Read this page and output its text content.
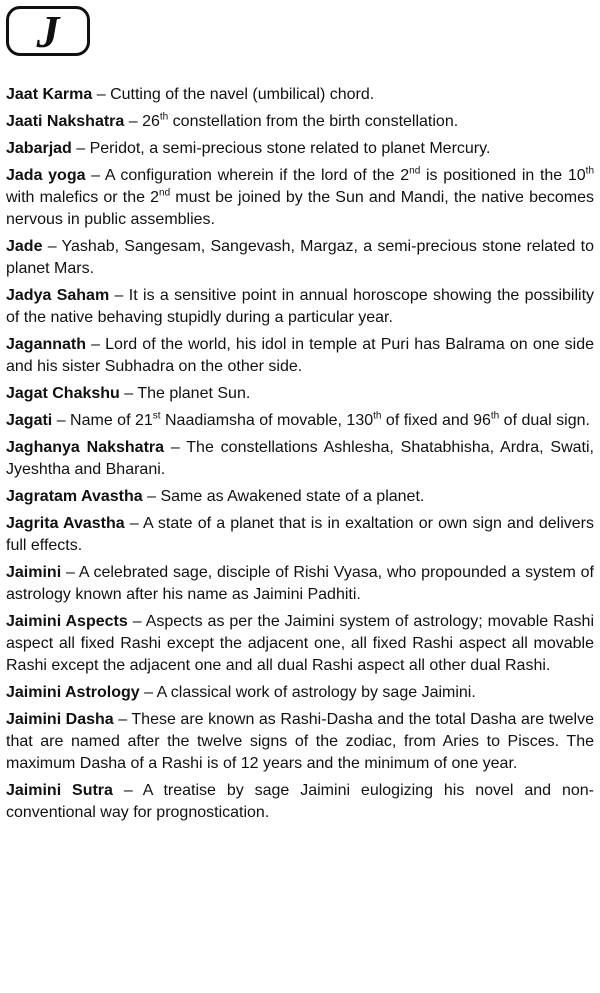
J

Jaat Karma – Cutting of the navel (umbilical) chord.

Jaati Nakshatra – 26th constellation from the birth constellation.

Jabarjad – Peridot, a semi-precious stone related to planet Mercury.

Jada yoga – A configuration wherein if the lord of the 2nd is positioned in the 10th with malefics or the 2nd must be joined by the Sun and Mandi, the native becomes nervous in public assemblies.

Jade – Yashab, Sangesam, Sangevash, Margaz, a semi-precious stone related to planet Mars.

Jadya Saham – It is a sensitive point in annual horoscope showing the possibility of the native behaving stupidly during a particular year.

Jagannath – Lord of the world, his idol in temple at Puri has Balrama on one side and his sister Subhadra on the other side.

Jagat Chakshu – The planet Sun.

Jagati – Name of 21st Naadiamsha of movable, 130th of fixed and 96th of dual sign.

Jaghanya Nakshatra – The constellations Ashlesha, Shatabhisha, Ardra, Swati, Jyeshtha and Bharani.

Jagratam Avastha – Same as Awakened state of a planet.

Jagrita Avastha – A state of a planet that is in exaltation or own sign and delivers full effects.

Jaimini – A celebrated sage, disciple of Rishi Vyasa, who propounded a system of astrology known after his name as Jaimini Padhiti.

Jaimini Aspects – Aspects as per the Jaimini system of astrology; movable Rashi aspect all fixed Rashi except the adjacent one, all fixed Rashi aspect all movable Rashi except the adjacent one and all dual Rashi aspect all other dual Rashi.

Jaimini Astrology – A classical work of astrology by sage Jaimini.

Jaimini Dasha – These are known as Rashi-Dasha and the total Dasha are twelve that are named after the twelve signs of the zodiac, from Aries to Pisces. The maximum Dasha of a Rashi is of 12 years and the minimum of one year.

Jaimini Sutra – A treatise by sage Jaimini eulogizing his novel and non-conventional way for prognostication.
